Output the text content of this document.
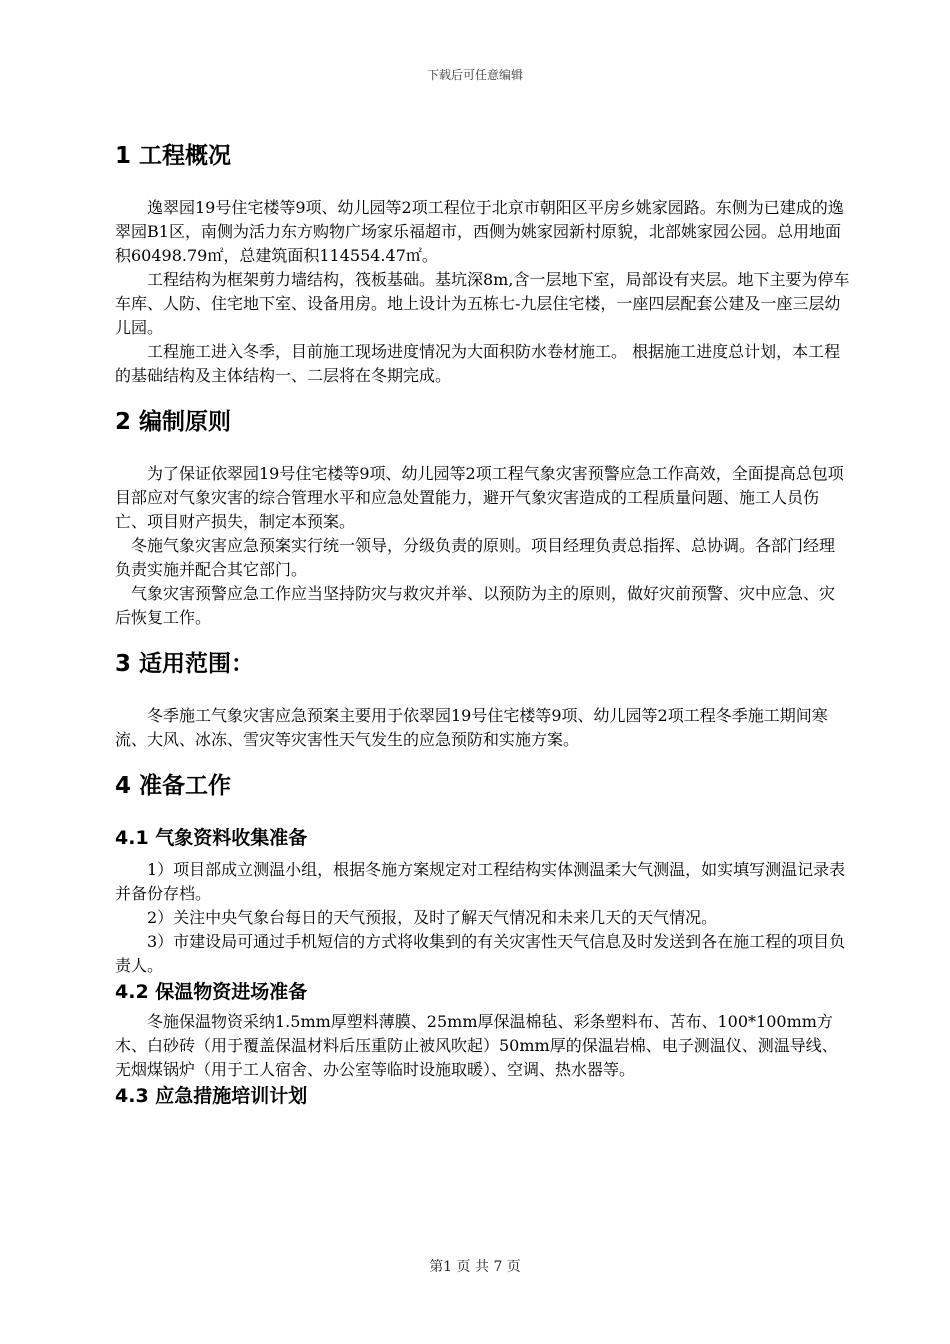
下载后可任意编辑
1 工程概况

逸翠园19号住宅楼等9项、幼儿园等2项工程位于北京市朝阳区平房乡姚家园路。东侧为已建成的逸翠园B1区，南侧为活力东方购物广场家乐福超市，西侧为姚家园新村原貌，北部姚家园公园。总用地面积60498.79㎡，总建筑面积114554.47㎡。

工程结构为框架剪力墙结构，筏板基础。基坑深8m,含一层地下室，局部设有夹层。地下主要为停车车库、人防、住宅地下室、设备用房。地上设计为五栋七-九层住宅楼，一座四层配套公建及一座三层幼儿园。

工程施工进入冬季，目前施工现场进度情况为大面积防水卷材施工。 根据施工进度总计划，本工程的基础结构及主体结构一、二层将在冬期完成。

2 编制原则

为了保证依翠园19号住宅楼等9项、幼儿园等2项工程气象灾害预警应急工作高效，全面提高总包项目部应对气象灾害的综合管理水平和应急处置能力，避开气象灾害造成的工程质量问题、施工人员伤亡、项目财产损失，制定本预案。

冬施气象灾害应急预案实行统一领导，分级负责的原则。项目经理负责总指挥、总协调。各部门经理负责实施并配合其它部门。

气象灾害预警应急工作应当坚持防灾与救灾并举、以预防为主的原则，做好灾前预警、灾中应急、灾后恢复工作。

3 适用范围：

冬季施工气象灾害应急预案主要用于依翠园19号住宅楼等9项、幼儿园等2项工程冬季施工期间寒流、大风、冰冻、雪灾等灾害性天气发生的应急预防和实施方案。

4 准备工作
4.1 气象资料收集准备

1）项目部成立测温小组，根据冬施方案规定对工程结构实体测温柔大气测温，如实填写测温记录表并备份存档。

2）关注中央气象台每日的天气预报，及时了解天气情况和未来几天的天气情况。

3）市建设局可通过手机短信的方式将收集到的有关灾害性天气信息及时发送到各在施工程的项目负责人。

4.2 保温物资进场准备

冬施保温物资采纳1.5mm厚塑料薄膜、25mm厚保温棉毡、彩条塑料布、苫布、100*100mm方木、白砂砖（用于覆盖保温材料后压重防止被风吹起）50mm厚的保温岩棉、电子测温仪、测温导线、无烟煤锅炉（用于工人宿舍、办公室等临时设施取暖）、空调、热水器等。

4.3 应急措施培训计划
第1 页 共 7 页
